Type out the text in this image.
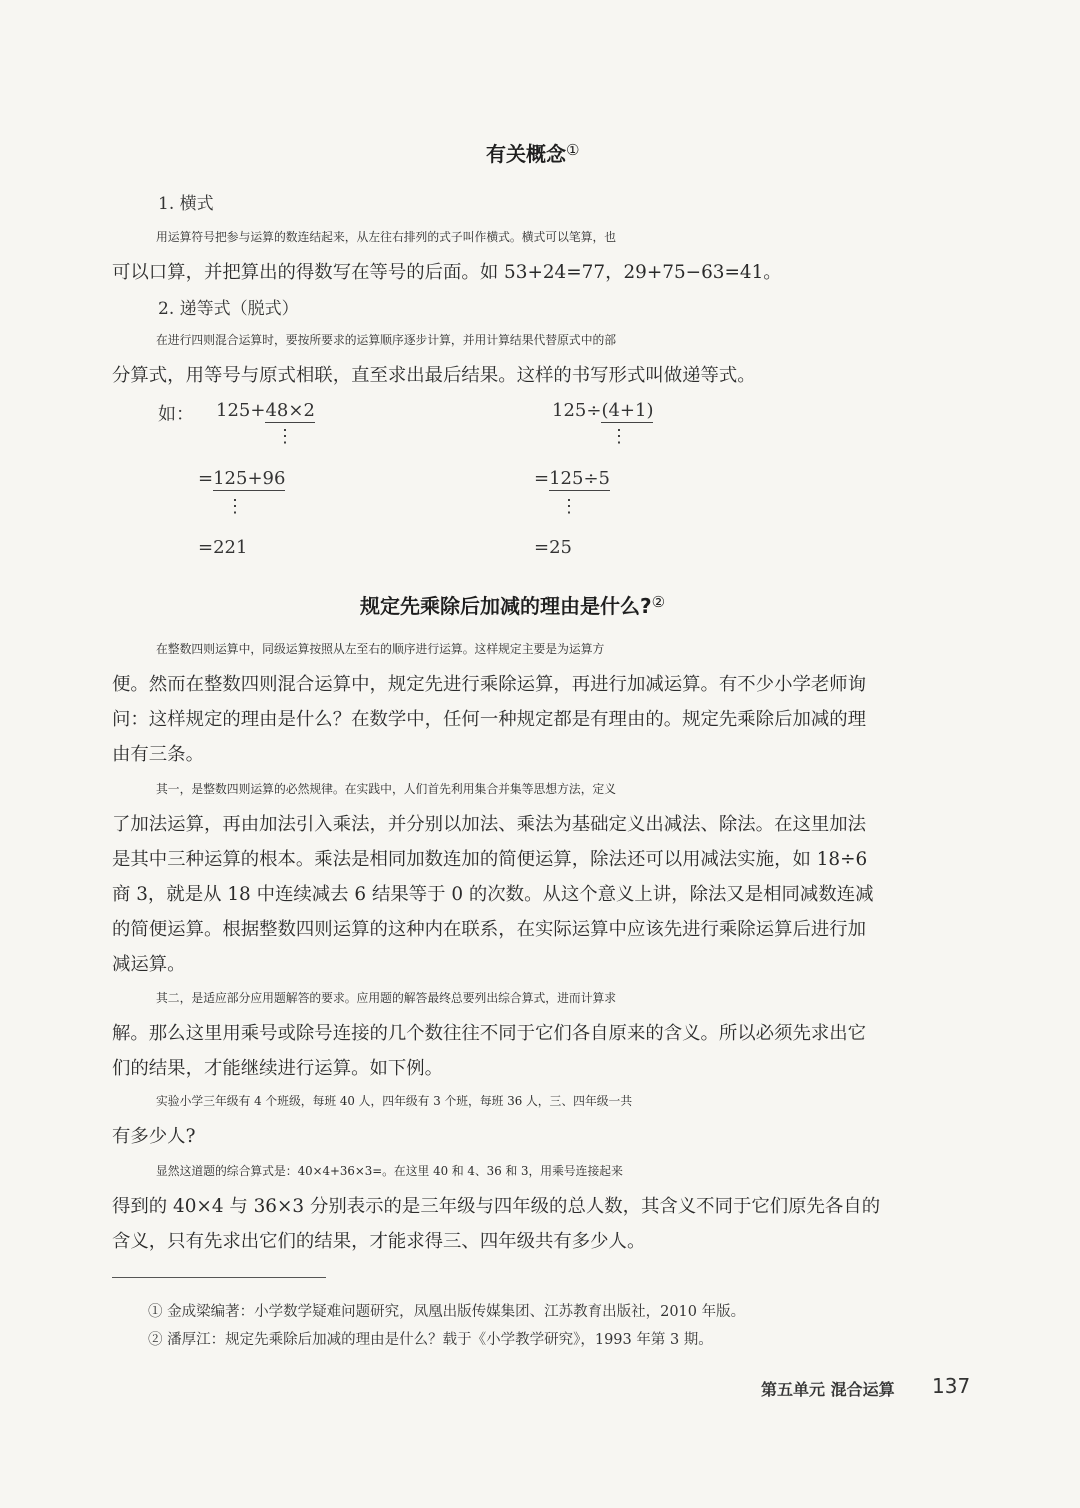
有关概念①
1. 横式
用运算符号把参与运算的数连结起来，从左往右排列的式子叫作横式。横式可以笔算，也
可以口算，并把算出的得数写在等号的后面。如 53+24=77，29+75−63=41。
2. 递等式（脱式）
在进行四则混合运算时，要按所要求的运算顺序逐步计算，并用计算结果代替原式中的部
分算式，用等号与原式相联，直至求出最后结果。这样的书写形式叫做递等式。
如： 125+48×2
⋮
=125+96
⋮
=221
125÷(4+1)
⋮
=125÷5
⋮
=25
规定先乘除后加减的理由是什么?②
在整数四则运算中，同级运算按照从左至右的顺序进行运算。这样规定主要是为运算方
便。然而在整数四则混合运算中，规定先进行乘除运算，再进行加减运算。有不少小学老师询
问：这样规定的理由是什么？在数学中，任何一种规定都是有理由的。规定先乘除后加减的理
由有三条。
其一，是整数四则运算的必然规律。在实践中，人们首先利用集合并集等思想方法，定义
了加法运算，再由加法引入乘法，并分别以加法、乘法为基础定义出减法、除法。在这里加法
是其中三种运算的根本。乘法是相同加数连加的简便运算，除法还可以用减法实施，如 18÷6
商 3，就是从 18 中连续减去 6 结果等于 0 的次数。从这个意义上讲，除法又是相同减数连减
的简便运算。根据整数四则运算的这种内在联系，在实际运算中应该先进行乘除运算后进行加
减运算。
其二，是适应部分应用题解答的要求。应用题的解答最终总要列出综合算式，进而计算求
解。那么这里用乘号或除号连接的几个数往往不同于它们各自原来的含义。所以必须先求出它
们的结果，才能继续进行运算。如下例。
实验小学三年级有 4 个班级，每班 40 人，四年级有 3 个班，每班 36 人，三、四年级一共
有多少人?
显然这道题的综合算式是：40×4+36×3=。在这里 40 和 4、36 和 3，用乘号连接起来
得到的 40×4 与 36×3 分别表示的是三年级与四年级的总人数，其含义不同于它们原先各自的
含义，只有先求出它们的结果，才能求得三、四年级共有多少人。
① 金成梁编著：小学数学疑难问题研究，凤凰出版传媒集团、江苏教育出版社，2010 年版。
② 潘厚江：规定先乘除后加减的理由是什么？载于《小学教学研究》，1993 年第 3 期。
第五单元 混合运算 137
